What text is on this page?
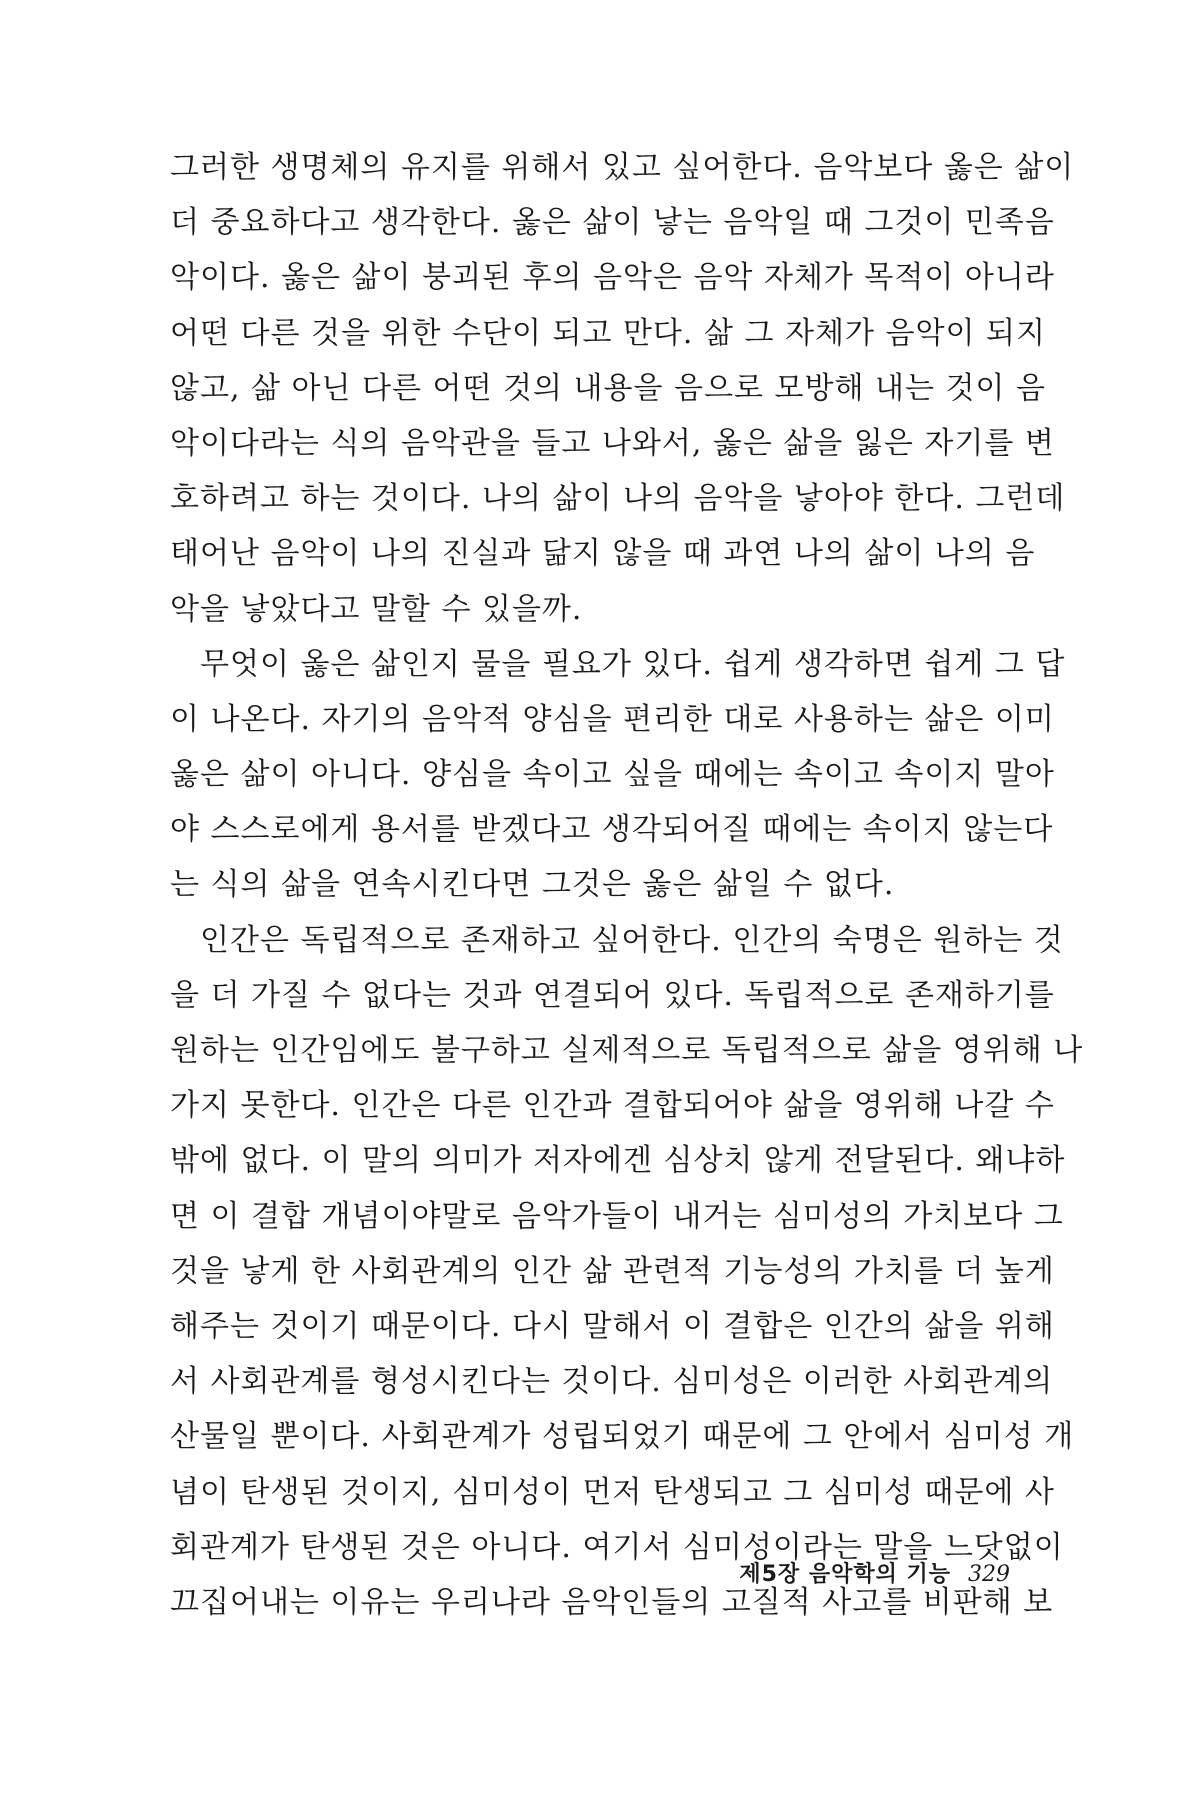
그러한 생명체의 유지를 위해서 있고 싶어한다. 음악보다 옳은 삶이
더 중요하다고 생각한다. 옳은 삶이 낳는 음악일 때 그것이 민족음
악이다. 옳은 삶이 붕괴된 후의 음악은 음악 자체가 목적이 아니라
어떤 다른 것을 위한 수단이 되고 만다. 삶 그 자체가 음악이 되지
않고, 삶 아닌 다른 어떤 것의 내용을 음으로 모방해 내는 것이 음
악이다라는 식의 음악관을 들고 나와서, 옳은 삶을 잃은 자기를 변
호하려고 하는 것이다. 나의 삶이 나의 음악을 낳아야 한다. 그런데
태어난 음악이 나의 진실과 닮지 않을 때 과연 나의 삶이 나의 음
악을 낳았다고 말할 수 있을까.
무엇이 옳은 삶인지 물을 필요가 있다. 쉽게 생각하면 쉽게 그 답
이 나온다. 자기의 음악적 양심을 편리한 대로 사용하는 삶은 이미
옳은 삶이 아니다. 양심을 속이고 싶을 때에는 속이고 속이지 말아
야 스스로에게 용서를 받겠다고 생각되어질 때에는 속이지 않는다
는 식의 삶을 연속시킨다면 그것은 옳은 삶일 수 없다.
인간은 독립적으로 존재하고 싶어한다. 인간의 숙명은 원하는 것
을 더 가질 수 없다는 것과 연결되어 있다. 독립적으로 존재하기를
원하는 인간임에도 불구하고 실제적으로 독립적으로 삶을 영위해 나
가지 못한다. 인간은 다른 인간과 결합되어야 삶을 영위해 나갈 수
밖에 없다. 이 말의 의미가 저자에겐 심상치 않게 전달된다. 왜냐하
면 이 결합 개념이야말로 음악가들이 내거는 심미성의 가치보다 그
것을 낳게 한 사회관계의 인간 삶 관련적 기능성의 가치를 더 높게
해주는 것이기 때문이다. 다시 말해서 이 결합은 인간의 삶을 위해
서 사회관계를 형성시킨다는 것이다. 심미성은 이러한 사회관계의
산물일 뿐이다. 사회관계가 성립되었기 때문에 그 안에서 심미성 개
념이 탄생된 것이지, 심미성이 먼저 탄생되고 그 심미성 때문에 사
회관계가 탄생된 것은 아니다. 여기서 심미성이라는 말을 느닷없이
끄집어내는 이유는 우리나라 음악인들의 고질적 사고를 비판해 보
제5장 음악학의 기능 329
